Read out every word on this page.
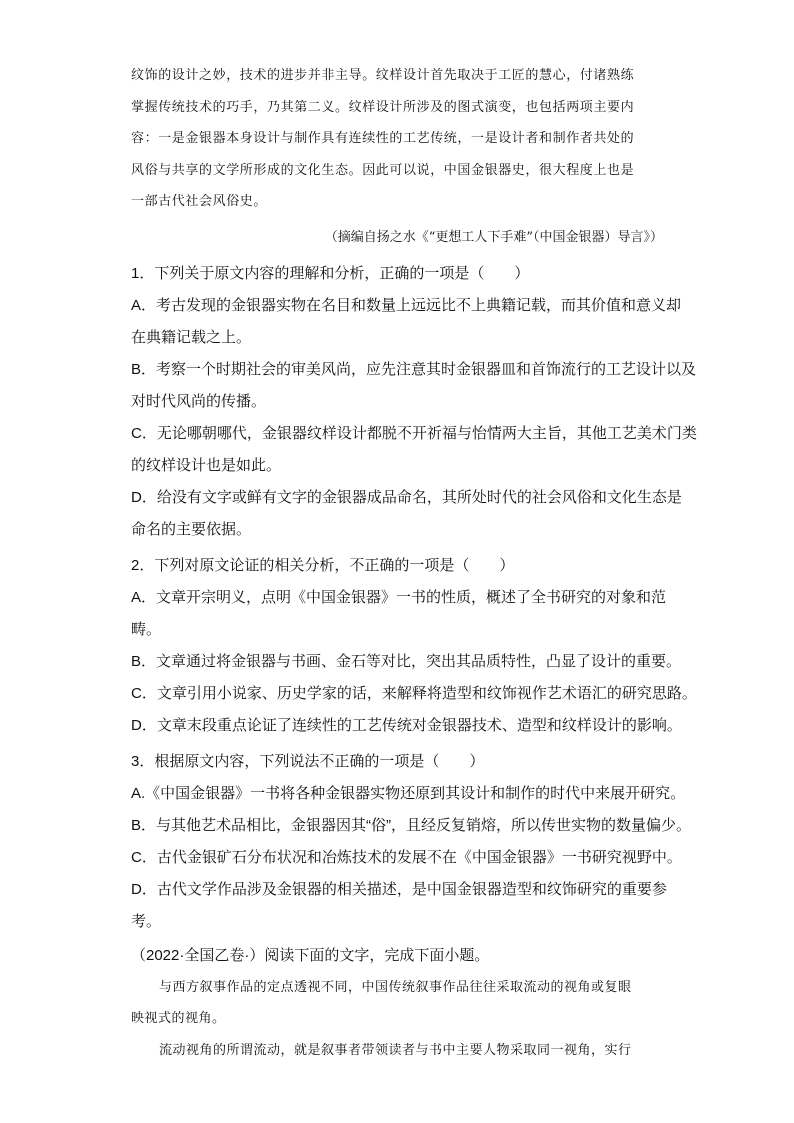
纹饰的设计之妙，技术的进步并非主导。纹样设计首先取决于工匠的慧心，付诸熟练
掌握传统技术的巧手，乃其第二义。纹样设计所涉及的图式演变，也包括两项主要内
容：一是金银器本身设计与制作具有连续性的工艺传统，一是设计者和制作者共处的
风俗与共享的文学所形成的文化生态。因此可以说，中国金银器史，很大程度上也是
一部古代社会风俗史。
（摘编自扬之水《“更想工人下手难”（中国金银器）导言》）
1．下列关于原文内容的理解和分析，正确的一项是（　　）
A．考古发现的金银器实物在名目和数量上远远比不上典籍记载，而其价值和意义却
在典籍记载之上。
B．考察一个时期社会的审美风尚，应先注意其时金银器皿和首饰流行的工艺设计以及
对时代风尚的传播。
C．无论哪朝哪代，金银器纹样设计都脱不开祈福与怡情两大主旨，其他工艺美术门类
的纹样设计也是如此。
D．给没有文字或鲜有文字的金银器成品命名，其所处时代的社会风俗和文化生态是
命名的主要依据。
2．下列对原文论证的相关分析，不正确的一项是（　　）
A．文章开宗明义，点明《中国金银器》一书的性质，概述了全书研究的对象和范
畴。
B．文章通过将金银器与书画、金石等对比，突出其品质特性，凸显了设计的重要。
C．文章引用小说家、历史学家的话，来解释将造型和纹饰视作艺术语汇的研究思路。
D．文章末段重点论证了连续性的工艺传统对金银器技术、造型和纹样设计的影响。
3．根据原文内容，下列说法不正确的一项是（　　）
A.《中国金银器》一书将各种金银器实物还原到其设计和制作的时代中来展开研究。
B．与其他艺术品相比，金银器因其“俗”，且经反复销熔，所以传世实物的数量偏少。
C．古代金银矿石分布状况和冶炼技术的发展不在《中国金银器》一书研究视野中。
D．古代文学作品涉及金银器的相关描述，是中国金银器造型和纹饰研究的重要参
考。
（2022·全国乙卷·）阅读下面的文字，完成下面小题。
与西方叙事作品的定点透视不同，中国传统叙事作品往往采取流动的视角或复眼
映视式的视角。
流动视角的所谓流动，就是叙事者带领读者与书中主要人物采取同一视角，实行
